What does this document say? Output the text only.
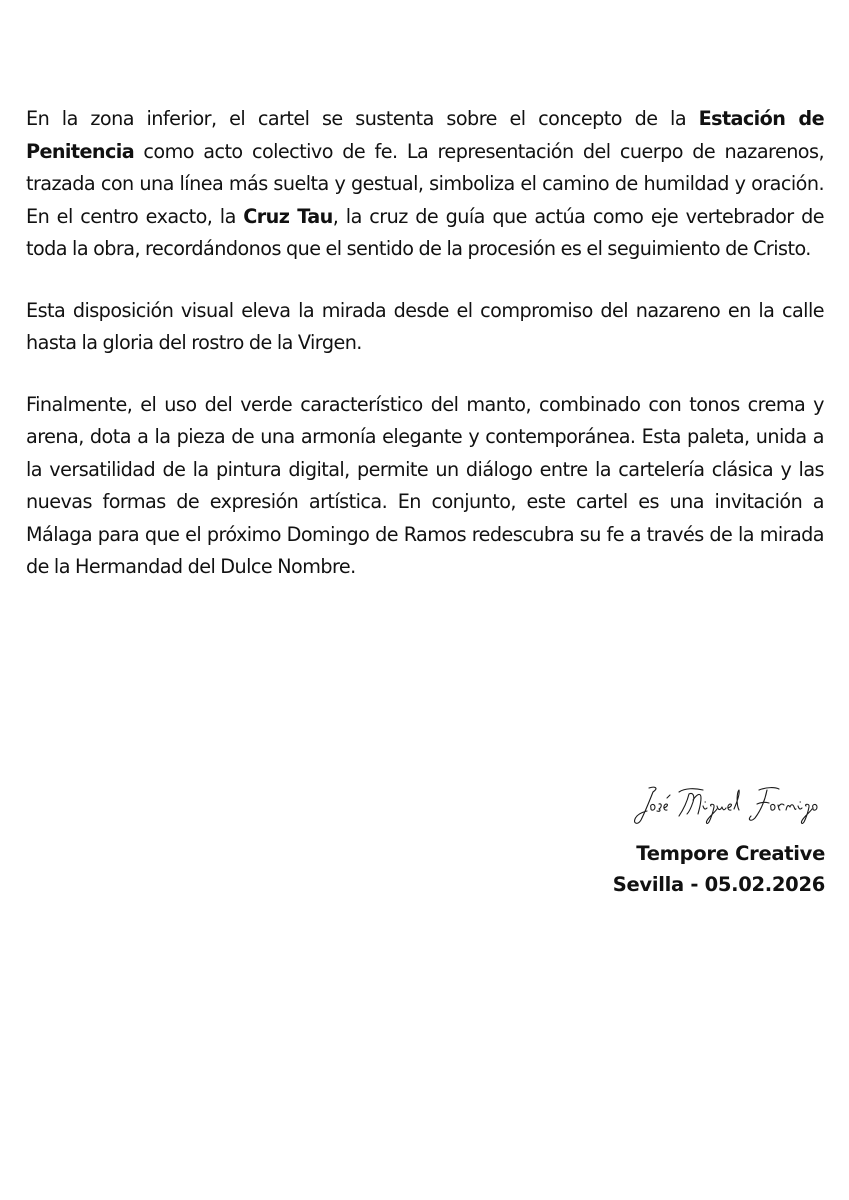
En la zona inferior, el cartel se sustenta sobre el concepto de la Estación de Penitencia como acto colectivo de fe. La representación del cuerpo de nazarenos, trazada con una línea más suelta y gestual, simboliza el camino de humildad y oración. En el centro exacto, la Cruz Tau, la cruz de guía que actúa como eje vertebrador de toda la obra, recordándonos que el sentido de la procesión es el seguimiento de Cristo.

Esta disposición visual eleva la mirada desde el compromiso del nazareno en la calle hasta la gloria del rostro de la Virgen.

Finalmente, el uso del verde característico del manto, combinado con tonos crema y arena, dota a la pieza de una armonía elegante y contemporánea. Esta paleta, unida a la versatilidad de la pintura digital, permite un diálogo entre la cartelería clásica y las nuevas formas de expresión artística. En conjunto, este cartel es una invitación a Málaga para que el próximo Domingo de Ramos redescubra su fe a través de la mirada de la Hermandad del Dulce Nombre.

Tempore Creative

Sevilla - 05.02.2026
